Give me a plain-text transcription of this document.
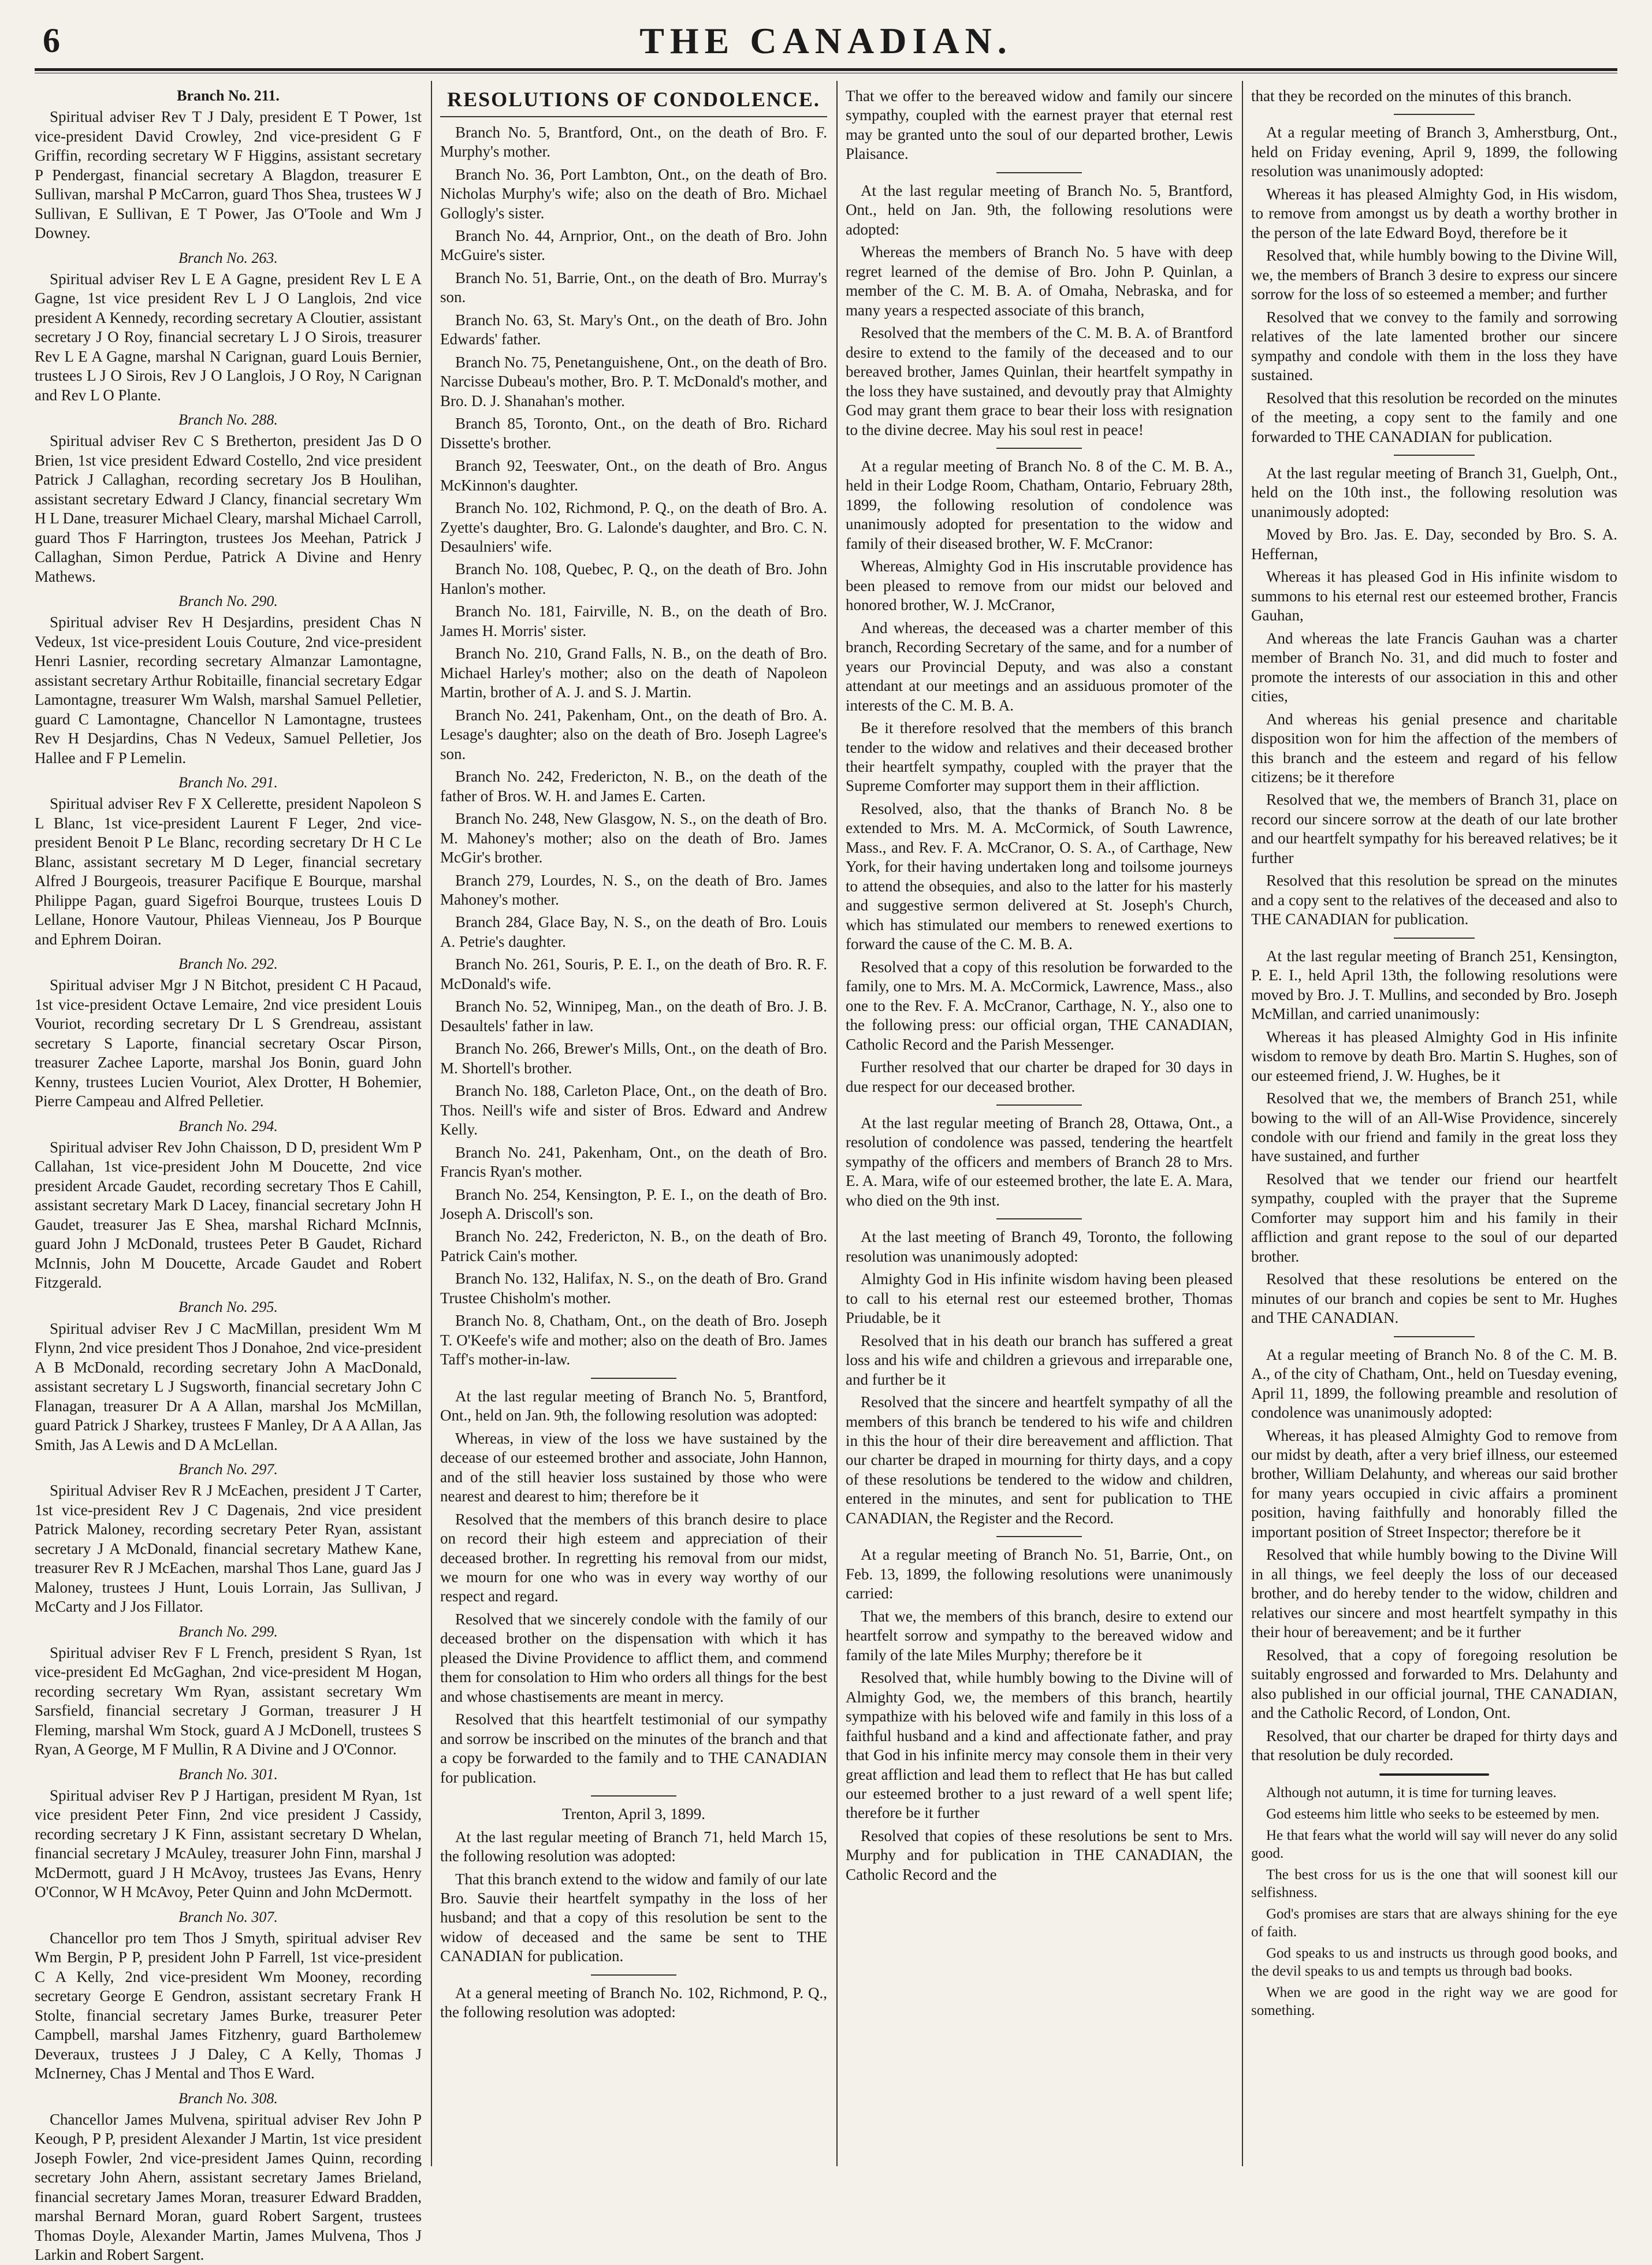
6	THE CANADIAN.
Branch No. 211.

Spiritual adviser Rev T J Daly, president E T Power, 1st vice-president David Crowley, 2nd vice-president G F Griffin, recording secretary W F Higgins, assistant secretary P Pendergast, financial secretary A Blagdon, treasurer E Sullivan, marshal P McCarron, guard Thos Shea, trustees W J Sullivan, E Sullivan, E T Power, Jas O'Toole and Wm J Downey.

Branch No. 263.

Spiritual adviser Rev L E A Gagne, president Rev L E A Gagne, 1st vice president Rev L J O Langlois, 2nd vice president A Kennedy, recording secretary A Cloutier, assistant secretary J O Roy, financial secretary L J O Sirois, treasurer Rev L E A Gagne, marshal N Carignan, guard Louis Bernier, trustees L J O Sirois, Rev J O Langlois, J O Roy, N Carignan and Rev L O Plante.

Branch No. 288.

Spiritual adviser Rev C S Bretherton, president Jas D O Brien, 1st vice president Edward Costello, 2nd vice president Patrick J Callaghan, recording secretary Jos B Houlihan, assistant secretary Edward J Clancy, financial secretary Wm H L Dane, treasurer Michael Cleary, marshal Michael Carroll, guard Thos F Harrington, trustees Jos Meehan, Patrick J Callaghan, Simon Perdue, Patrick A Divine and Henry Mathews.

Branch No. 290.

Spiritual adviser Rev H Desjardins, president Chas N Vedeux, 1st vice-president Louis Couture, 2nd vice-president Henri Lasnier, recording secretary Almanzar Lamontagne, assistant secretary Arthur Robitaille, financial secretary Edgar Lamontagne, treasurer Wm Walsh, marshal Samuel Pelletier, guard C Lamontagne, Chancellor N Lamontagne, trustees Rev H Desjardins, Chas N Vedeux, Samuel Pelletier, Jos Hallee and F P Lemelin.

Branch No. 291.

Spiritual adviser Rev F X Cellerette, president Napoleon S L Blanc, 1st vice-president Laurent F Leger, 2nd vice-president Benoit P Le Blanc, recording secretary Dr H C Le Blanc, assistant secretary M D Leger, financial secretary Alfred J Bourgeois, treasurer Pacifique E Bourque, marshal Philippe Pagan, guard Sigefroi Bourque, trustees Louis D Lellane, Honore Vautour, Phileas Vienneau, Jos P Bourque and Ephrem Doiran.

Branch No. 292.

Spiritual adviser Mgr J N Bitchot, president C H Pacaud, 1st vice-president Octave Lemaire, 2nd vice president Louis Vouriot, recording secretary Dr L S Grendreau, assistant secretary S Laporte, financial secretary Oscar Pirson, treasurer Zachee Laporte, marshal Jos Bonin, guard John Kenny, trustees Lucien Vouriot, Alex Drotter, H Bohemier, Pierre Campeau and Alfred Pelletier.

Branch No. 294.

Spiritual adviser Rev John Chaisson, D D, president Wm P Callahan, 1st vice-president John M Doucette, 2nd vice president Arcade Gaudet, recording secretary Thos E Cahill, assistant secretary Mark D Lacey, financial secretary John H Gaudet, treasurer Jas E Shea, marshal Richard McInnis, guard John J McDonald, trustees Peter B Gaudet, Richard McInnis, John M Doucette, Arcade Gaudet and Robert Fitzgerald.

Branch No. 295.

Spiritual adviser Rev J C MacMillan, president Wm M Flynn, 2nd vice president Thos J Donahoe, 2nd vice-president A B McDonald, recording secretary John A MacDonald, assistant secretary L J Sugsworth, financial secretary John C Flanagan, treasurer Dr A A Allan, marshal Jos McMillan, guard Patrick J Sharkey, trustees F Manley, Dr A A Allan, Jas Smith, Jas A Lewis and D A McLellan.

Branch No. 297.

Spiritual Adviser Rev R J McEachen, president J T Carter, 1st vice-president Rev J C Dagenais, 2nd vice president Patrick Maloney, recording secretary Peter Ryan, assistant secretary J A McDonald, financial secretary Mathew Kane, treasurer Rev R J McEachen, marshal Thos Lane, guard Jas J Maloney, trustees J Hunt, Louis Lorrain, Jas Sullivan, J McCarty and J Jos Fillator.

Branch No. 299.

Spiritual adviser Rev F L French, president S Ryan, 1st vice-president Ed McGaghan, 2nd vice-president M Hogan, recording secretary Wm Ryan, assistant secretary Wm Sarsfield, financial secretary J Gorman, treasurer J H Fleming, marshal Wm Stock, guard A J McDonell, trustees S Ryan, A George, M F Mullin, R A Divine and J O'Connor.

Branch No. 301.

Spiritual adviser Rev P J Hartigan, president M Ryan, 1st vice president Peter Finn, 2nd vice president J Cassidy, recording secretary J K Finn, assistant secretary D Whelan, financial secretary J McAuley, treasurer John Finn, marshal J McDermott, guard J H McAvoy, trustees Jas Evans, Henry O'Connor, W H McAvoy, Peter Quinn and John McDermott.

Branch No. 307.

Chancellor pro tem Thos J Smyth, spiritual adviser Rev Wm Bergin, P P, president John P Farrell, 1st vice-president C A Kelly, 2nd vice-president Wm Mooney, recording secretary George E Gendron, assistant secretary Frank H Stolte, financial secretary James Burke, treasurer Peter Campbell, marshal James Fitzhenry, guard Bartholemew Deveraux, trustees J J Daley, C A Kelly, Thomas J McInerney, Chas J Mental and Thos E Ward.

Branch No. 308.

Chancellor James Mulvena, spiritual adviser Rev John P Keough, P P, president Alexander J Martin, 1st vice president Joseph Fowler, 2nd vice-president James Quinn, recording secretary John Ahern, assistant secretary James Brieland, financial secretary James Moran, treasurer Edward Bradden, marshal Bernard Moran, guard Robert Sargent, trustees Thomas Doyle, Alexander Martin, James Mulvena, Thos J Larkin and Robert Sargent.

RESOLUTIONS OF CONDOLENCE.

Branch No. 5, Brantford, Ont., on the death of Bro. F. Murphy's mother.

Branch No. 36, Port Lambton, Ont., on the death of Bro. Nicholas Murphy's wife; also on the death of Bro. Michael Gollogly's sister.

Branch No. 44, Arnprior, Ont., on the death of Bro. John McGuire's sister.

Branch No. 51, Barrie, Ont., on the death of Bro. Murray's son.

Branch No. 63, St. Mary's Ont., on the death of Bro. John Edwards' father.

Branch No. 75, Penetanguishene, Ont., on the death of Bro. Narcisse Dubeau's mother, Bro. P. T. McDonald's mother, and Bro. D. J. Shanahan's mother.

Branch 85, Toronto, Ont., on the death of Bro. Richard Dissette's brother.

Branch 92, Teeswater, Ont., on the death of Bro. Angus McKinnon's daughter.

Branch No. 102, Richmond, P. Q., on the death of Bro. A. Zyette's daughter, Bro. G. Lalonde's daughter, and Bro. C. N. Desaulniers' wife.

Branch No. 108, Quebec, P. Q., on the death of Bro. John Hanlon's mother.

Branch No. 181, Fairville, N. B., on the death of Bro. James H. Morris' sister.

Branch No. 210, Grand Falls, N. B., on the death of Bro. Michael Harley's mother; also on the death of Napoleon Martin, brother of A. J. and S. J. Martin.

Branch No. 241, Pakenham, Ont., on the death of Bro. A. Lesage's daughter; also on the death of Bro. Joseph Lagree's son.

Branch No. 242, Fredericton, N. B., on the death of the father of Bros. W. H. and James E. Carten.

Branch No. 248, New Glasgow, N. S., on the death of Bro. M. Mahoney's mother; also on the death of Bro. James McGir's brother.

Branch 279, Lourdes, N. S., on the death of Bro. James Mahoney's mother.

Branch 284, Glace Bay, N. S., on the death of Bro. Louis A. Petrie's daughter.

Branch No. 261, Souris, P. E. I., on the death of Bro. R. F. McDonald's wife.

Branch No. 52, Winnipeg, Man., on the death of Bro. J. B. Desaultels' father in law.

Branch No. 266, Brewer's Mills, Ont., on the death of Bro. M. Shortell's brother.

Branch No. 188, Carleton Place, Ont., on the death of Bro. Thos. Neill's wife and sister of Bros. Edward and Andrew Kelly.

Branch No. 241, Pakenham, Ont., on the death of Bro. Francis Ryan's mother.

Branch No. 254, Kensington, P. E. I., on the death of Bro. Joseph A. Driscoll's son.

Branch No. 242, Fredericton, N. B., on the death of Bro. Patrick Cain's mother.

Branch No. 132, Halifax, N. S., on the death of Bro. Grand Trustee Chisholm's mother.

Branch No. 8, Chatham, Ont., on the death of Bro. Joseph T. O'Keefe's wife and mother; also on the death of Bro. James Taff's mother-in-law.

At the last regular meeting of Branch No. 5, Brantford, Ont., held on Jan. 9th, the following resolution was adopted:

Whereas, in view of the loss we have sustained by the decease of our esteemed brother and associate, John Hannon, and of the still heavier loss sustained by those who were nearest and dearest to him; therefore be it

Resolved that the members of this branch desire to place on record their high esteem and appreciation of their deceased brother. In regretting his removal from our midst, we mourn for one who was in every way worthy of our respect and regard.

Resolved that we sincerely condole with the family of our deceased brother on the dispensation with which it has pleased the Divine Providence to afflict them, and commend them for consolation to Him who orders all things for the best and whose chastisements are meant in mercy.

Resolved that this heartfelt testimonial of our sympathy and sorrow be inscribed on the minutes of the branch and that a copy be forwarded to the family and to THE CANADIAN for publication.

Trenton, April 3, 1899.

At the last regular meeting of Branch 71, held March 15, the following resolution was adopted:

That this branch extend to the widow and family of our late Bro. Sauvie their heartfelt sympathy in the loss of her husband; and that a copy of this resolution be sent to the widow of deceased and the same be sent to THE CANADIAN for publication.

At a general meeting of Branch No. 102, Richmond, P. Q., the following resolution was adopted:

That we offer to the bereaved widow and family our sincere sympathy, coupled with the earnest prayer that eternal rest may be granted unto the soul of our departed brother, Lewis Plaisance.

At the last regular meeting of Branch No. 5, Brantford, Ont., held on Jan. 9th, the following resolutions were adopted:

Whereas the members of Branch No. 5 have with deep regret learned of the demise of Bro. John P. Quinlan, a member of the C. M. B. A. of Omaha, Nebraska, and for many years a respected associate of this branch,

Resolved that the members of the C. M. B. A. of Brantford desire to extend to the family of the deceased and to our bereaved brother, James Quinlan, their heartfelt sympathy in the loss they have sustained, and devoutly pray that Almighty God may grant them grace to bear their loss with resignation to the divine decree. May his soul rest in peace!

At a regular meeting of Branch No. 8 of the C. M. B. A., held in their Lodge Room, Chatham, Ontario, February 28th, 1899, the following resolution of condolence was unanimously adopted for presentation to the widow and family of their diseased brother, W. F. McCranor:

Whereas, Almighty God in His inscrutable providence has been pleased to remove from our midst our beloved and honored brother, W. J. McCranor,

And whereas, the deceased was a charter member of this branch, Recording Secretary of the same, and for a number of years our Provincial Deputy, and was also a constant attendant at our meetings and an assiduous promoter of the interests of the C. M. B. A.

Be it therefore resolved that the members of this branch tender to the widow and relatives and their deceased brother their heartfelt sympathy, coupled with the prayer that the Supreme Comforter may support them in their affliction.

Resolved, also, that the thanks of Branch No. 8 be extended to Mrs. M. A. McCormick, of South Lawrence, Mass., and Rev. F. A. McCranor, O. S. A., of Carthage, New York, for their having undertaken long and toilsome journeys to attend the obsequies, and also to the latter for his masterly and suggestive sermon delivered at St. Joseph's Church, which has stimulated our members to renewed exertions to forward the cause of the C. M. B. A.

Resolved that a copy of this resolution be forwarded to the family, one to Mrs. M. A. McCormick, Lawrence, Mass., also one to the Rev. F. A. McCranor, Carthage, N. Y., also one to the following press: our official organ, THE CANADIAN, Catholic Record and the Parish Messenger.

Further resolved that our charter be draped for 30 days in due respect for our deceased brother.

At the last regular meeting of Branch 28, Ottawa, Ont., a resolution of condolence was passed, tendering the heartfelt sympathy of the officers and members of Branch 28 to Mrs. E. A. Mara, wife of our esteemed brother, the late E. A. Mara, who died on the 9th inst.

At the last meeting of Branch 49, Toronto, the following resolution was unanimously adopted:

Almighty God in His infinite wisdom having been pleased to call to his eternal rest our esteemed brother, Thomas Priudable, be it

Resolved that in his death our branch has suffered a great loss and his wife and children a grievous and irreparable one, and further be it

Resolved that the sincere and heartfelt sympathy of all the members of this branch be tendered to his wife and children in this the hour of their dire bereavement and affliction. That our charter be draped in mourning for thirty days, and a copy of these resolutions be tendered to the widow and children, entered in the minutes, and sent for publication to THE CANADIAN, the Register and the Record.

At a regular meeting of Branch No. 51, Barrie, Ont., on Feb. 13, 1899, the following resolutions were unanimously carried:

That we, the members of this branch, desire to extend our heartfelt sorrow and sympathy to the bereaved widow and family of the late Miles Murphy; therefore be it

Resolved that, while humbly bowing to the Divine will of Almighty God, we, the members of this branch, heartily sympathize with his beloved wife and family in this loss of a faithful husband and a kind and affectionate father, and pray that God in his infinite mercy may console them in their very great affliction and lead them to reflect that He has but called our esteemed brother to a just reward of a well spent life; therefore be it further

Resolved that copies of these resolutions be sent to Mrs. Murphy and for publication in THE CANADIAN, the Catholic Record and the

that they be recorded on the minutes of this branch.

At a regular meeting of Branch 3, Amherstburg, Ont., held on Friday evening, April 9, 1899, the following resolution was unanimously adopted:

Whereas it has pleased Almighty God, in His wisdom, to remove from amongst us by death a worthy brother in the person of the late Edward Boyd, therefore be it

Resolved that, while humbly bowing to the Divine Will, we, the members of Branch 3 desire to express our sincere sorrow for the loss of so esteemed a member; and further

Resolved that we convey to the family and sorrowing relatives of the late lamented brother our sincere sympathy and condole with them in the loss they have sustained.

Resolved that this resolution be recorded on the minutes of the meeting, a copy sent to the family and one forwarded to THE CANADIAN for publication.

At the last regular meeting of Branch 31, Guelph, Ont., held on the 10th inst., the following resolution was unanimously adopted:

Moved by Bro. Jas. E. Day, seconded by Bro. S. A. Heffernan,

Whereas it has pleased God in His infinite wisdom to summons to his eternal rest our esteemed brother, Francis Gauhan,

And whereas the late Francis Gauhan was a charter member of Branch No. 31, and did much to foster and promote the interests of our association in this and other cities,

And whereas his genial presence and charitable disposition won for him the affection of the members of this branch and the esteem and regard of his fellow citizens; be it therefore

Resolved that we, the members of Branch 31, place on record our sincere sorrow at the death of our late brother and our heartfelt sympathy for his bereaved relatives; be it further

Resolved that this resolution be spread on the minutes and a copy sent to the relatives of the deceased and also to THE CANADIAN for publication.

At the last regular meeting of Branch 251, Kensington, P. E. I., held April 13th, the following resolutions were moved by Bro. J. T. Mullins, and seconded by Bro. Joseph McMillan, and carried unanimously:

Whereas it has pleased Almighty God in His infinite wisdom to remove by death Bro. Martin S. Hughes, son of our esteemed friend, J. W. Hughes, be it

Resolved that we, the members of Branch 251, while bowing to the will of an All-Wise Providence, sincerely condole with our friend and family in the great loss they have sustained, and further

Resolved that we tender our friend our heartfelt sympathy, coupled with the prayer that the Supreme Comforter may support him and his family in their affliction and grant repose to the soul of our departed brother.

Resolved that these resolutions be entered on the minutes of our branch and copies be sent to Mr. Hughes and THE CANADIAN.

At a regular meeting of Branch No. 8 of the C. M. B. A., of the city of Chatham, Ont., held on Tuesday evening, April 11, 1899, the following preamble and resolution of condolence was unanimously adopted:

Whereas, it has pleased Almighty God to remove from our midst by death, after a very brief illness, our esteemed brother, William Delahunty, and whereas our said brother for many years occupied in civic affairs a prominent position, having faithfully and honorably filled the important position of Street Inspector; therefore be it

Resolved that while humbly bowing to the Divine Will in all things, we feel deeply the loss of our deceased brother, and do hereby tender to the widow, children and relatives our sincere and most heartfelt sympathy in this their hour of bereavement; and be it further

Resolved, that a copy of foregoing resolution be suitably engrossed and forwarded to Mrs. Delahunty and also published in our official journal, THE CANADIAN, and the Catholic Record, of London, Ont.

Resolved, that our charter be draped for thirty days and that resolution be duly recorded.

Although not autumn, it is time for turning leaves.

God esteems him little who seeks to be esteemed by men.

He that fears what the world will say will never do any solid good.

The best cross for us is the one that will soonest kill our selfishness.

God's promises are stars that are always shining for the eye of faith.

God speaks to us and instructs us through good books, and the devil speaks to us and tempts us through bad books.

When we are good in the right way we are good for something.
